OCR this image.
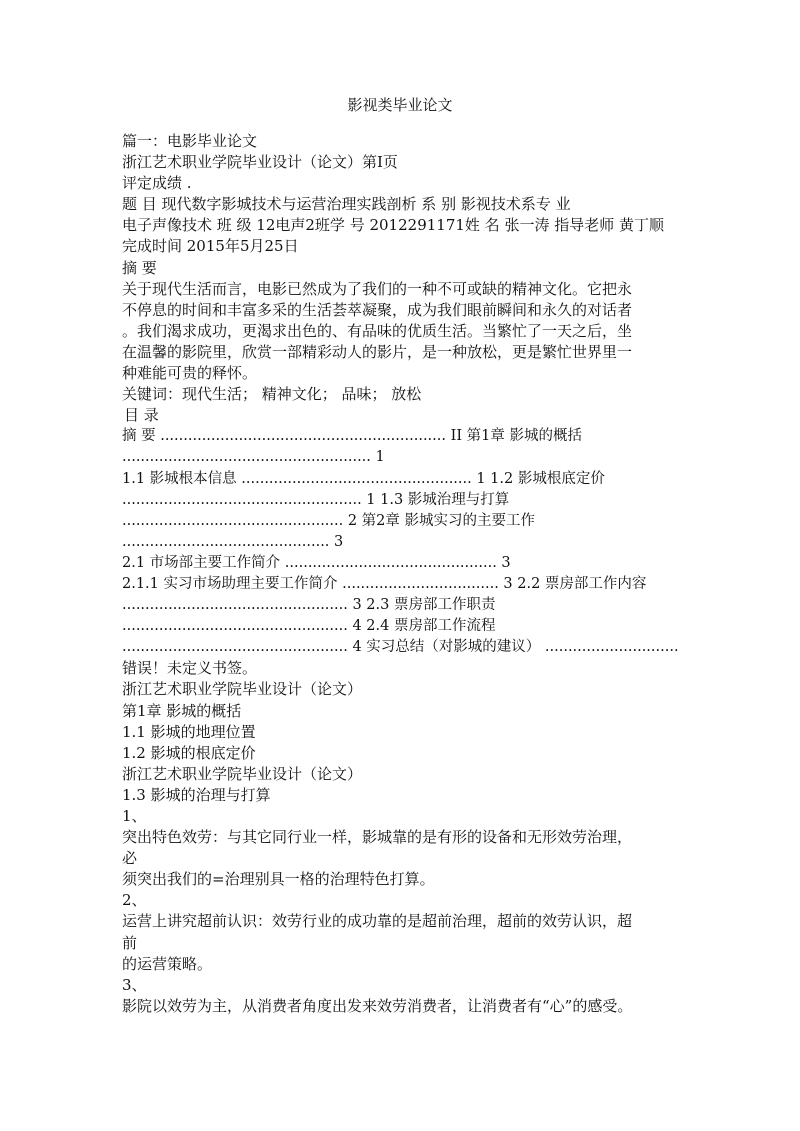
影视类毕业论文
篇一：电影毕业论文
浙江艺术职业学院毕业设计（论文）第I页
评定成绩 .
题 目 现代数字影城技术与运营治理实践剖析 系 别 影视技术系专 业
电子声像技术 班 级 12电声2班学 号 2012291171姓 名 张一涛 指导老师 黄丁顺
完成时间 2015年5月25日
摘 要
关于现代生活而言，电影已然成为了我们的一种不可或缺的精神文化。它把永
不停息的时间和丰富多采的生活荟萃凝聚，成为我们眼前瞬间和永久的对话者
。我们渴求成功，更渴求出色的、有品味的优质生活。当繁忙了一天之后，坐
在温馨的影院里，欣赏一部精彩动人的影片，是一种放松，更是繁忙世界里一
种难能可贵的释怀。
关键词：现代生活； 精神文化； 品味； 放松
目 录
摘 要 .............................................................. II 第1章 影城的概括
...................................................... 1
1.1 影城根本信息 .................................................. 1 1.2 影城根底定价
.................................................... 1 1.3 影城治理与打算
................................................ 2 第2章 影城实习的主要工作
............................................. 3
2.1 市场部主要工作简介 .............................................. 3
2.1.1 实习市场助理主要工作简介 .................................. 3 2.2 票房部工作内容
................................................. 3 2.3 票房部工作职责
................................................. 4 2.4 票房部工作流程
................................................. 4 实习总结（对影城的建议） .............................
错误！未定义书签。
浙江艺术职业学院毕业设计（论文）
第1章 影城的概括
1.1 影城的地理位置
1.2 影城的根底定价
浙江艺术职业学院毕业设计（论文）
1.3 影城的治理与打算
1、
突出特色效劳：与其它同行业一样，影城靠的是有形的设备和无形效劳治理，
必
须突出我们的=治理别具一格的治理特色打算。
2、
运营上讲究超前认识：效劳行业的成功靠的是超前治理，超前的效劳认识，超
前
的运营策略。
3、
影院以效劳为主，从消费者角度出发来效劳消费者，让消费者有“心”的感受。
